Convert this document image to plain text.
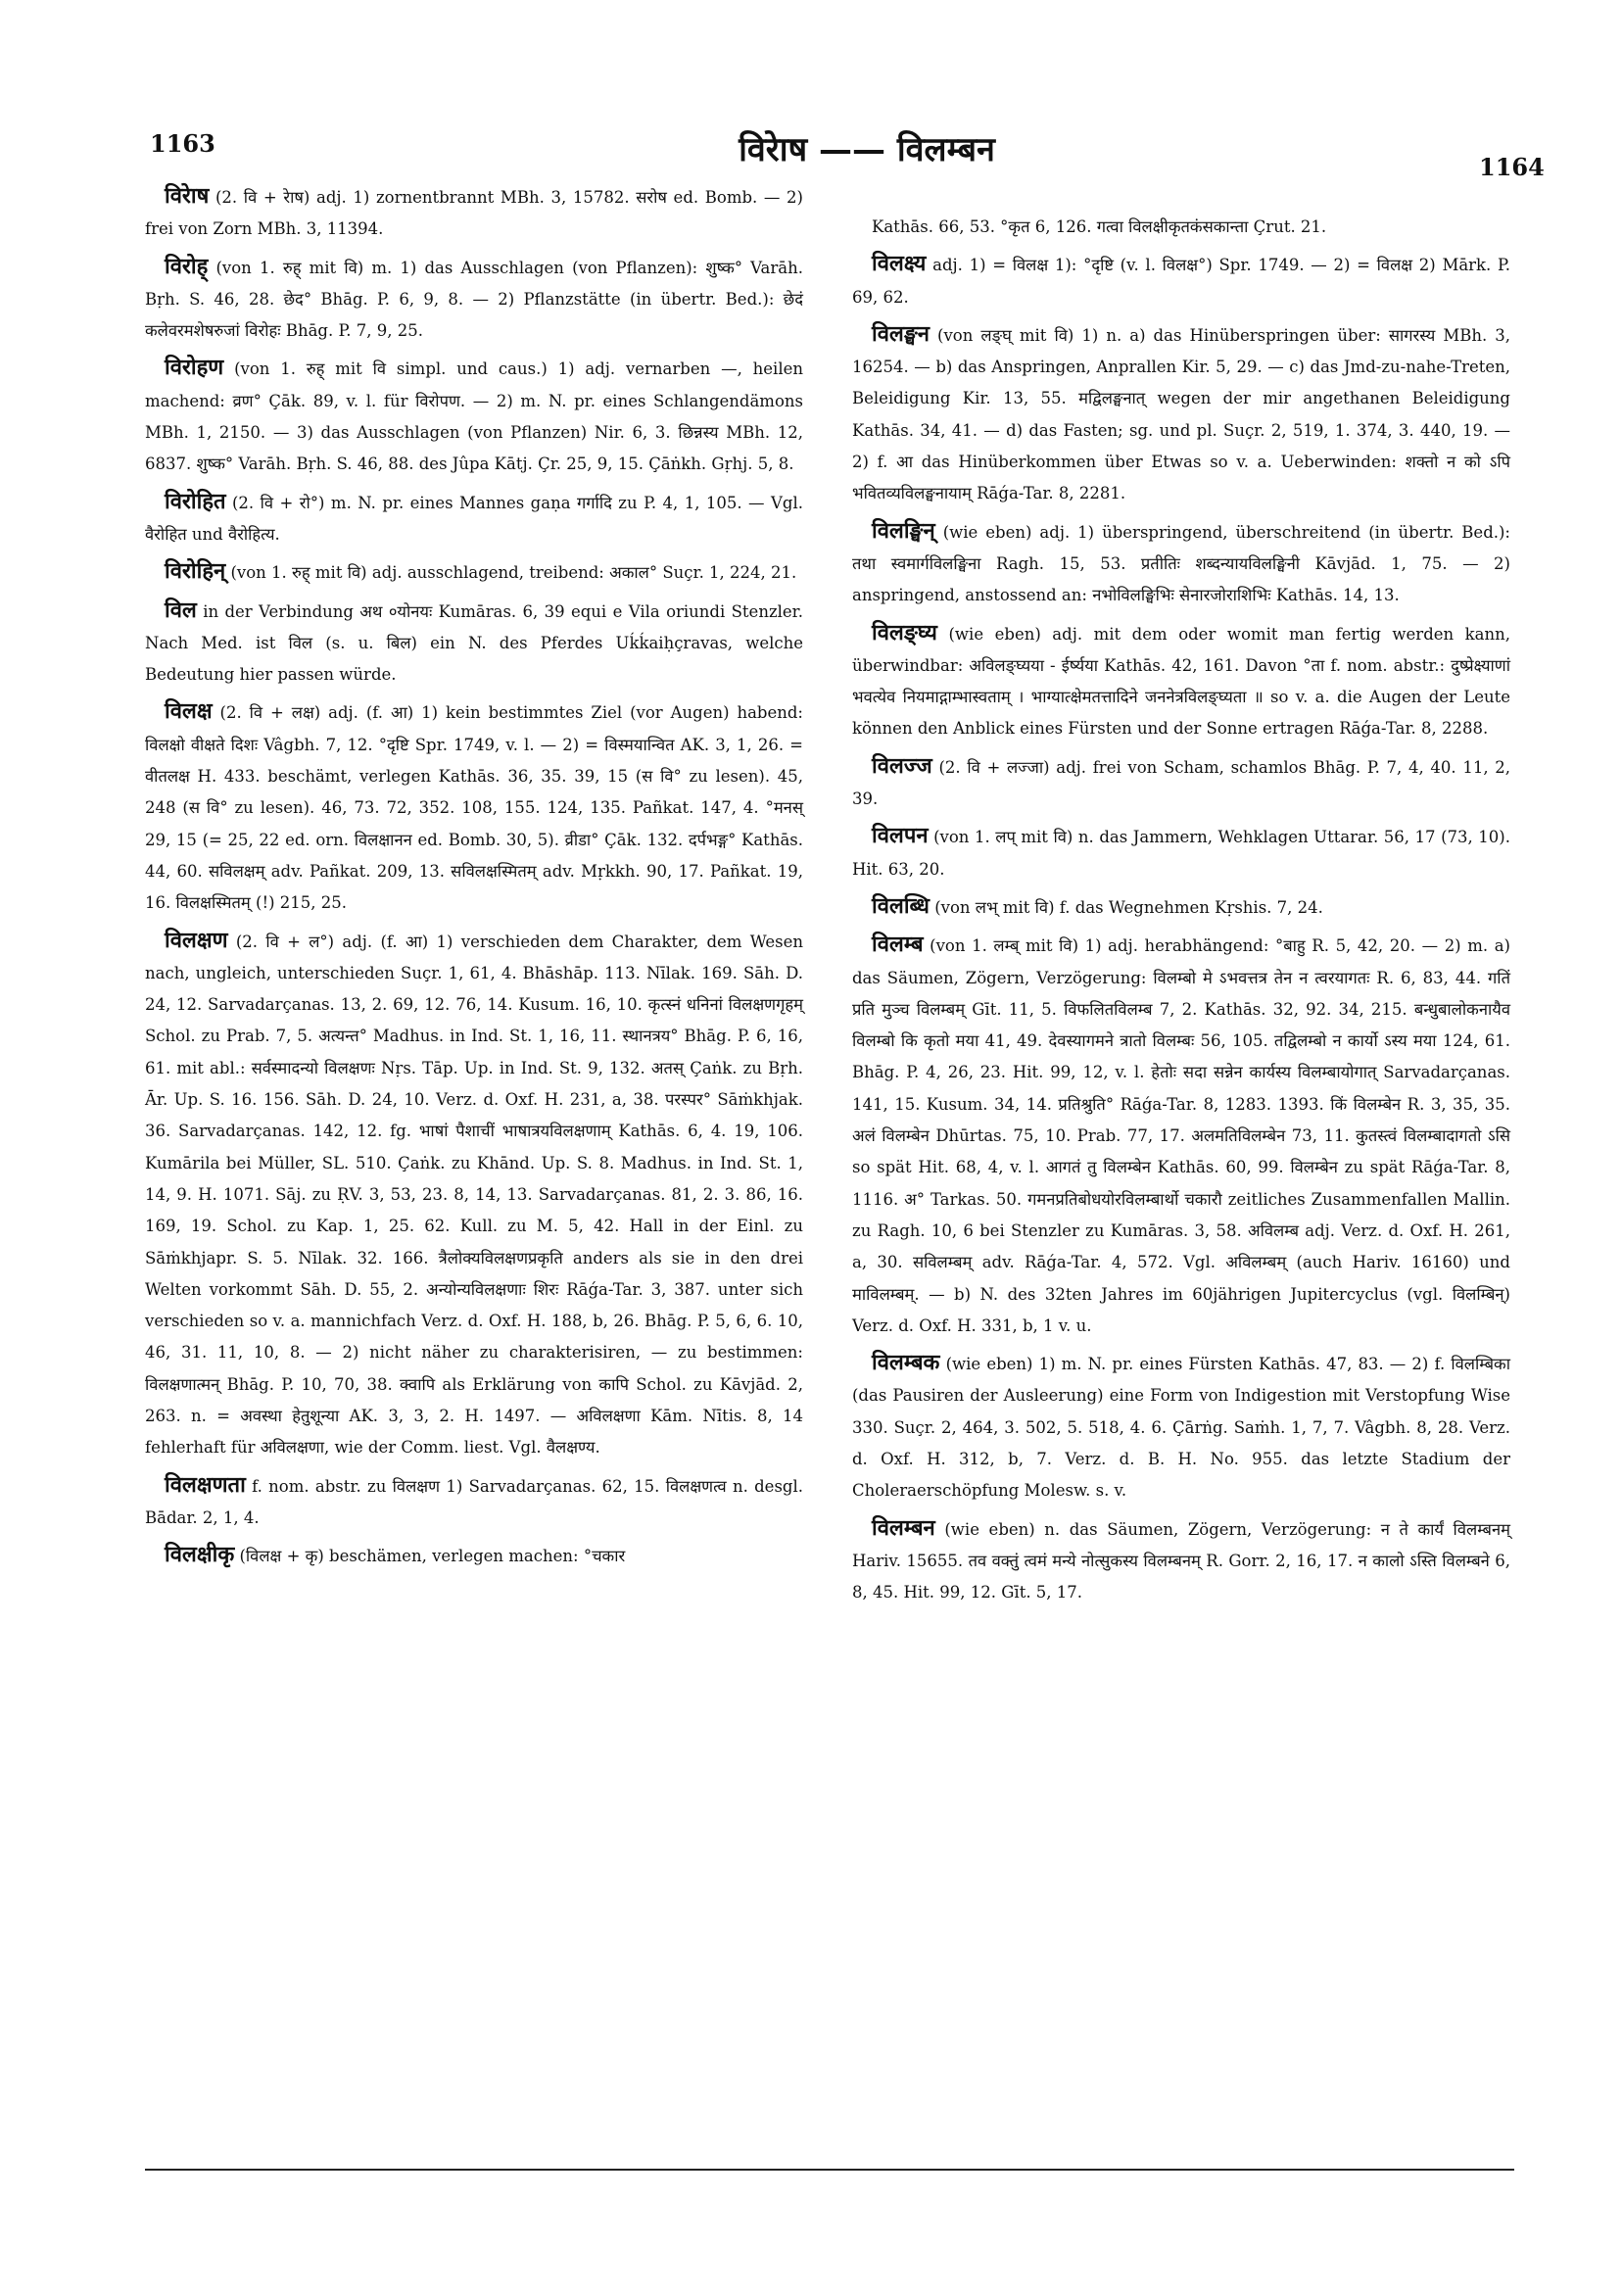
1163	विरेाष —— विलम्बन	1164

विरेाष (2. वि + रेाष) adj. 1) zornentbrannt MBh. 3, 15782. सरोष ed. Bomb. — 2) frei von Zorn MBh. 3, 11394.

विरोह् (von 1. रुह् mit वि) m. 1) das Ausschlagen (von Pflanzen): शुष्क° Varāh. Bṛh. S. 46, 28. छेद° Bhāg. P. 6, 9, 8. — 2) Pflanzstätte (in übertr. Bed.): छेदं कलेवरमशेषरुजां विरोहः Bhāg. P. 7, 9, 25.

विरोहण (von 1. रुह् mit वि simpl. und caus.) 1) adj. vernarben —, heilen machend: व्रण° Çāk. 89, v. l. für विरोपण. — 2) m. N. pr. eines Schlangendämons MBh. 1, 2150. — 3) das Ausschlagen (von Pflanzen) Nir. 6, 3. छिन्नस्य MBh. 12, 6837. शुष्क° Varāh. Bṛh. S. 46, 88. des Jûpa Kātj. Çr. 25, 9, 15. Çāṅkh. Gṛhj. 5, 8.

विरोहित (2. वि + रो°) m. N. pr. eines Mannes gaṇa गर्गादि zu P. 4, 1, 105. — Vgl. वैरोहित und वैरोहित्य.

विरोहिन् (von 1. रुह् mit वि) adj. ausschlagend, treibend: अकाल° Suçr. 1, 224, 21.

विल in der Verbindung अथ ०योनयः Kumāras. 6, 39 equi e Vila oriundi Stenzler. Nach Med. ist विल (s. u. बिल) ein N. des Pferdes Uḱḱaiḥçravas, welche Bedeutung hier passen würde.

विलक्ष (2. वि + लक्ष) adj. (f. आ) 1) kein bestimmtes Ziel (vor Augen) habend: विलक्षो वीक्षते दिशः Vâgbh. 7, 12. °दृष्टि Spr. 1749, v. l. — 2) = विस्मयान्वित AK. 3, 1, 26. = वीतलक्ष H. 433. beschämt, verlegen Kathās. 36, 35. 39, 15 (स वि° zu lesen). 45, 248 (स वि° zu lesen). 46, 73. 72, 352. 108, 155. 124, 135. Pañkat. 147, 4. °मनस् 29, 15 (= 25, 22 ed. orn. विलक्षानन ed. Bomb. 30, 5). व्रीडा° Çāk. 132. दर्पभङ्ग° Kathās. 44, 60. सविलक्षम् adv. Pañkat. 209, 13. सविलक्षस्मितम् adv. Mṛkkh. 90, 17. Pañkat. 19, 16. विलक्षस्मितम् (!) 215, 25.

विलक्षण (2. वि + ल°) adj. (f. आ) 1) verschieden dem Charakter, dem Wesen nach, ungleich, unterschieden Suçr. 1, 61, 4. Bhāshāp. 113. Nīlak. 169. Sāh. D. 24, 12. Sarvadarçanas. 13, 2. 69, 12. 76, 14. Kusum. 16, 10. कृत्स्नं धनिनां विलक्षणगृहम् Schol. zu Prab. 7, 5. अत्यन्त° Madhus. in Ind. St. 1, 16, 11. स्थानत्रय° Bhāg. P. 6, 16, 61. mit abl.: सर्वस्मादन्यो विलक्षणः Nṛs. Tāp. Up. in Ind. St. 9, 132. अतस् Çaṅk. zu Bṛh. Ār. Up. S. 16. 156. Sāh. D. 24, 10. Verz. d. Oxf. H. 231, a, 38. परस्पर° Sāṁkhjak. 36. Sarvadarçanas. 142, 12. fg. भाषां पैशाचीं भाषात्रयविलक्षणाम् Kathās. 6, 4. 19, 106. Kumārila bei Müller, SL. 510. Çaṅk. zu Khānd. Up. S. 8. Madhus. in Ind. St. 1, 14, 9. H. 1071. Sāj. zu ṚV. 3, 53, 23. 8, 14, 13. Sarvadarçanas. 81, 2. 3. 86, 16. 169, 19. Schol. zu Kap. 1, 25. 62. Kull. zu M. 5, 42. Hall in der Einl. zu Sāṁkhjapr. S. 5. Nīlak. 32. 166. त्रैलोक्यविलक्षणप्रकृति anders als sie in den drei Welten vorkommt Sāh. D. 55, 2. अन्योन्यविलक्षणाः शिरः Rāǵa-Tar. 3, 387. unter sich verschieden so v. a. mannichfach Verz. d. Oxf. H. 188, b, 26. Bhāg. P. 5, 6, 6. 10, 46, 31. 11, 10, 8. — 2) nicht näher zu charakterisiren, — zu bestimmen: विलक्षणात्मन् Bhāg. P. 10, 70, 38. क्वापि als Erklärung von कापि Schol. zu Kāvjād. 2, 263. n. = अवस्था हेतुशून्या AK. 3, 3, 2. H. 1497. — अविलक्षणा Kām. Nītis. 8, 14 fehlerhaft für अविलक्षणा, wie der Comm. liest. Vgl. वैलक्षण्य.

विलक्षणता f. nom. abstr. zu विलक्षण 1) Sarvadarçanas. 62, 15. विलक्षणत्व n. desgl. Bādar. 2, 1, 4.

विलक्षीकृ (विलक्ष + कृ) beschämen, verlegen machen: °चकार

Kathās. 66, 53. °कृत 6, 126. गत्वा विलक्षीकृतकंसकान्ता Çrut. 21.

विलक्ष्य adj. 1) = विलक्ष 1): °दृष्टि (v. l. विलक्ष°) Spr. 1749. — 2) = विलक्ष 2) Mārk. P. 69, 62.

विलङ्घन (von लङ्घ् mit वि) 1) n. a) das Hinüberspringen über: सागरस्य MBh. 3, 16254. — b) das Anspringen, Anprallen Kir. 5, 29. — c) das Jmd-zu-nahe-Treten, Beleidigung Kir. 13, 55. मद्विलङ्घनात् wegen der mir angethanen Beleidigung Kathās. 34, 41. — d) das Fasten; sg. und pl. Suçr. 2, 519, 1. 374, 3. 440, 19. — 2) f. आ das Hinüberkommen über Etwas so v. a. Ueberwinden: शक्तो न को ऽपि भवितव्यविलङ्घनायाम् Rāǵa-Tar. 8, 2281.

विलङ्घिन् (wie eben) adj. 1) überspringend, überschreitend (in übertr. Bed.): तथा स्वमार्गविलङ्घिना Ragh. 15, 53. प्रतीतिः शब्दन्यायविलङ्घिनी Kāvjād. 1, 75. — 2) anspringend, anstossend an: नभोविलङ्घिभिः सेनारजोराशिभिः Kathās. 14, 13.

विलङ्घ्य (wie eben) adj. mit dem oder womit man fertig werden kann, überwindbar: अविलङ्घ्यया - ईर्ष्यया Kathās. 42, 161. Davon °ता f. nom. abstr.: दुष्प्रेक्ष्याणां भवत्येव नियमाद्गाम्भास्वताम् । भाग्यात्क्षेमतत्तादिने जननेत्रविलङ्घ्यता ॥ so v. a. die Augen der Leute können den Anblick eines Fürsten und der Sonne ertragen Rāǵa-Tar. 8, 2288.

विलज्ज (2. वि + लज्जा) adj. frei von Scham, schamlos Bhāg. P. 7, 4, 40. 11, 2, 39.

विलपन (von 1. लप् mit वि) n. das Jammern, Wehklagen Uttarar. 56, 17 (73, 10). Hit. 63, 20.

विलब्धि (von लभ् mit वि) f. das Wegnehmen Kṛshis. 7, 24.

विलम्ब (von 1. लम्ब् mit वि) 1) adj. herabhängend: °बाहु R. 5, 42, 20. — 2) m. a) das Säumen, Zögern, Verzögerung: विलम्बो मे ऽभवत्तत्र तेन न त्वरयागतः R. 6, 83, 44. गतिं प्रति मुञ्च विलम्बम् Gīt. 11, 5. विफलितविलम्ब 7, 2. Kathās. 32, 92. 34, 215. बन्धुबालोकनायैव विलम्बो कि कृतो मया 41, 49. देवस्यागमने त्रातो विलम्बः 56, 105. तद्विलम्बो न कार्यो ऽस्य मया 124, 61. Bhāg. P. 4, 26, 23. Hit. 99, 12, v. l. हेतोः सदा सन्नेन कार्यस्य विलम्बायोगात् Sarvadarçanas. 141, 15. Kusum. 34, 14. प्रतिश्रुति° Rāǵa-Tar. 8, 1283. 1393. किं विलम्बेन R. 3, 35, 35. अलं विलम्बेन Dhūrtas. 75, 10. Prab. 77, 17. अलमतिविलम्बेन 73, 11. कुतस्त्वं विलम्बादागतो ऽसि so spät Hit. 68, 4, v. l. आगतं तु विलम्बेन Kathās. 60, 99. विलम्बेन zu spät Rāǵa-Tar. 8, 1116. अ° Tarkas. 50. गमनप्रतिबोधयोरविलम्बार्थो चकारौ zeitliches Zusammenfallen Mallin. zu Ragh. 10, 6 bei Stenzler zu Kumāras. 3, 58. अविलम्ब adj. Verz. d. Oxf. H. 261, a, 30. सविलम्बम् adv. Rāǵa-Tar. 4, 572. Vgl. अविलम्बम् (auch Hariv. 16160) und माविलम्बम्. — b) N. des 32ten Jahres im 60jährigen Jupitercyclus (vgl. विलम्बिन्) Verz. d. Oxf. H. 331, b, 1 v. u.

विलम्बक (wie eben) 1) m. N. pr. eines Fürsten Kathās. 47, 83. — 2) f. विलम्बिका (das Pausiren der Ausleerung) eine Form von Indigestion mit Verstopfung Wise 330. Suçr. 2, 464, 3. 502, 5. 518, 4. 6. Çārṅg. Saṁh. 1, 7, 7. Vâgbh. 8, 28. Verz. d. Oxf. H. 312, b, 7. Verz. d. B. H. No. 955. das letzte Stadium der Choleraerschöpfung Molesw. s. v.

विलम्बन (wie eben) n. das Säumen, Zögern, Verzögerung: न ते कार्यं विलम्बनम् Hariv. 15655. तव वक्तुं त्वमं मन्ये नोत्सुकस्य विलम्बनम् R. Gorr. 2, 16, 17. न कालो ऽस्ति विलम्बने 6, 8, 45. Hit. 99, 12. Gīt. 5, 17.
